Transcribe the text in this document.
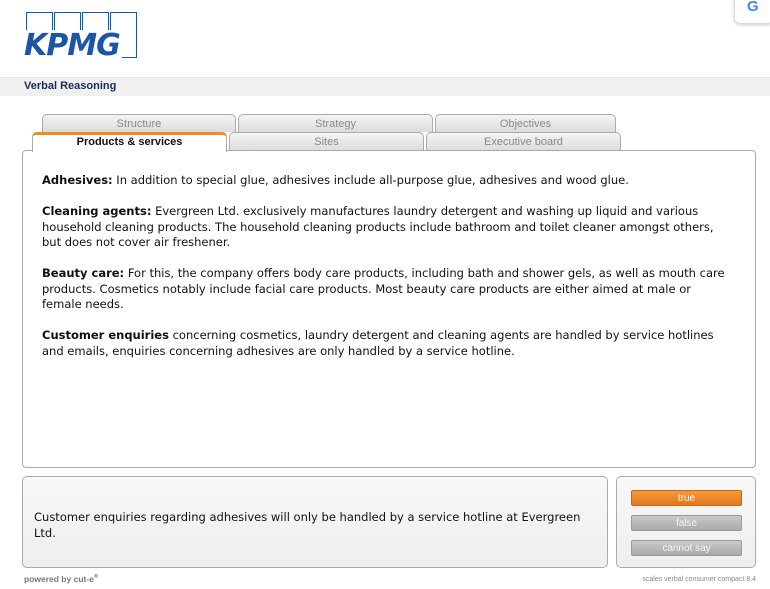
KPMG
G
Verbal Reasoning
Structure	Strategy	Objectives
Products & services	Sites	Executive board

Adhesives: In addition to special glue, adhesives include all-purpose glue, adhesives and wood glue.

Cleaning agents: Evergreen Ltd. exclusively manufactures laundry detergent and washing up liquid and various household cleaning products. The household cleaning products include bathroom and toilet cleaner amongst others, but does not cover air freshener.

Beauty care: For this, the company offers body care products, including bath and shower gels, as well as mouth care products. Cosmetics notably include facial care products. Most beauty care products are either aimed at male or female needs.

Customer enquiries concerning cosmetics, laundry detergent and cleaning agents are handled by service hotlines and emails, enquiries concerning adhesives are only handled by a service hotline.

Customer enquiries regarding adhesives will only be handled by a service hotline at Evergreen Ltd.
true
false
cannot say
powered by cut-e®	scales verbal consumer compact 8.4
